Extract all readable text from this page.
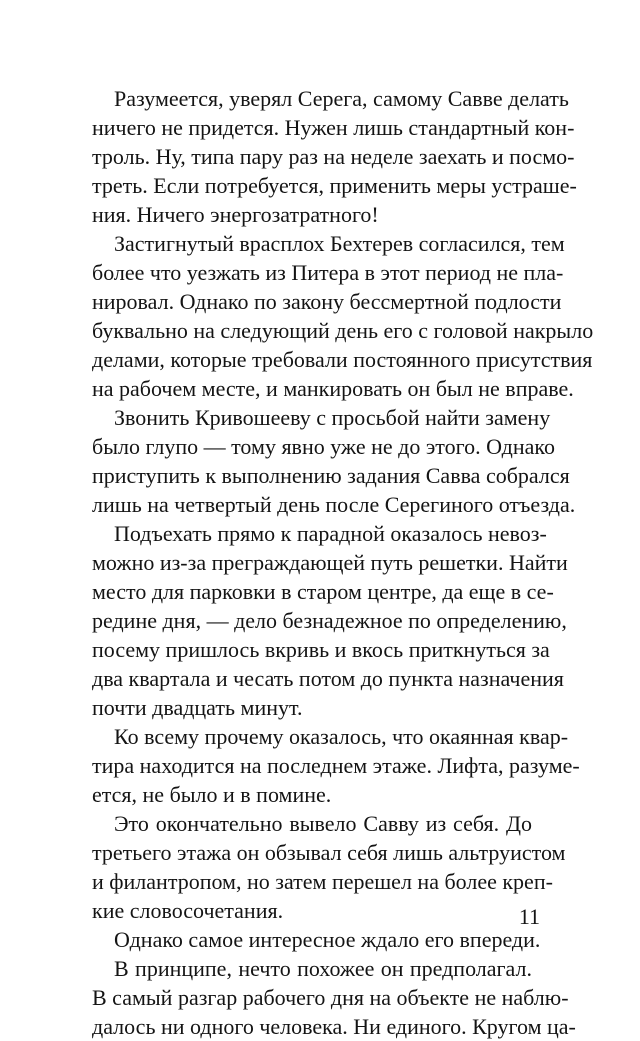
Разумеется, уверял Серега, самому Савве делать
ничего не придется. Нужен лишь стандартный кон-
троль. Ну, типа пару раз на неделе заехать и посмо-
треть. Если потребуется, применить меры устраше-
ния. Ничего энергозатратного!
Застигнутый врасплох Бехтерев согласился, тем
более что уезжать из Питера в этот период не пла-
нировал. Однако по закону бессмертной подлости
буквально на следующий день его с головой накрыло
делами, которые требовали постоянного присутствия
на рабочем месте, и манкировать он был не вправе.
Звонить Кривошееву с просьбой найти замену
было глупо — тому явно уже не до этого. Однако
приступить к выполнению задания Савва собрался
лишь на четвертый день после Серегиного отъезда.
Подъехать прямо к парадной оказалось невоз-
можно из-за преграждающей путь решетки. Найти
место для парковки в старом центре, да еще в се-
редине дня, — дело безнадежное по определению,
посему пришлось вкривь и вкось приткнуться за
два квартала и чесать потом до пункта назначения
почти двадцать минут.
Ко всему прочему оказалось, что окаянная квар-
тира находится на последнем этаже. Лифта, разуме-
ется, не было и в помине.
Это окончательно вывело Савву из себя. До
третьего этажа он обзывал себя лишь альтруистом
и филантропом, но затем перешел на более креп-
кие словосочетания.
Однако самое интересное ждало его впереди.
В принципе, нечто похожее он предполагал.
В самый разгар рабочего дня на объекте не наблю-
далось ни одного человека. Ни единого. Кругом ца-
11
